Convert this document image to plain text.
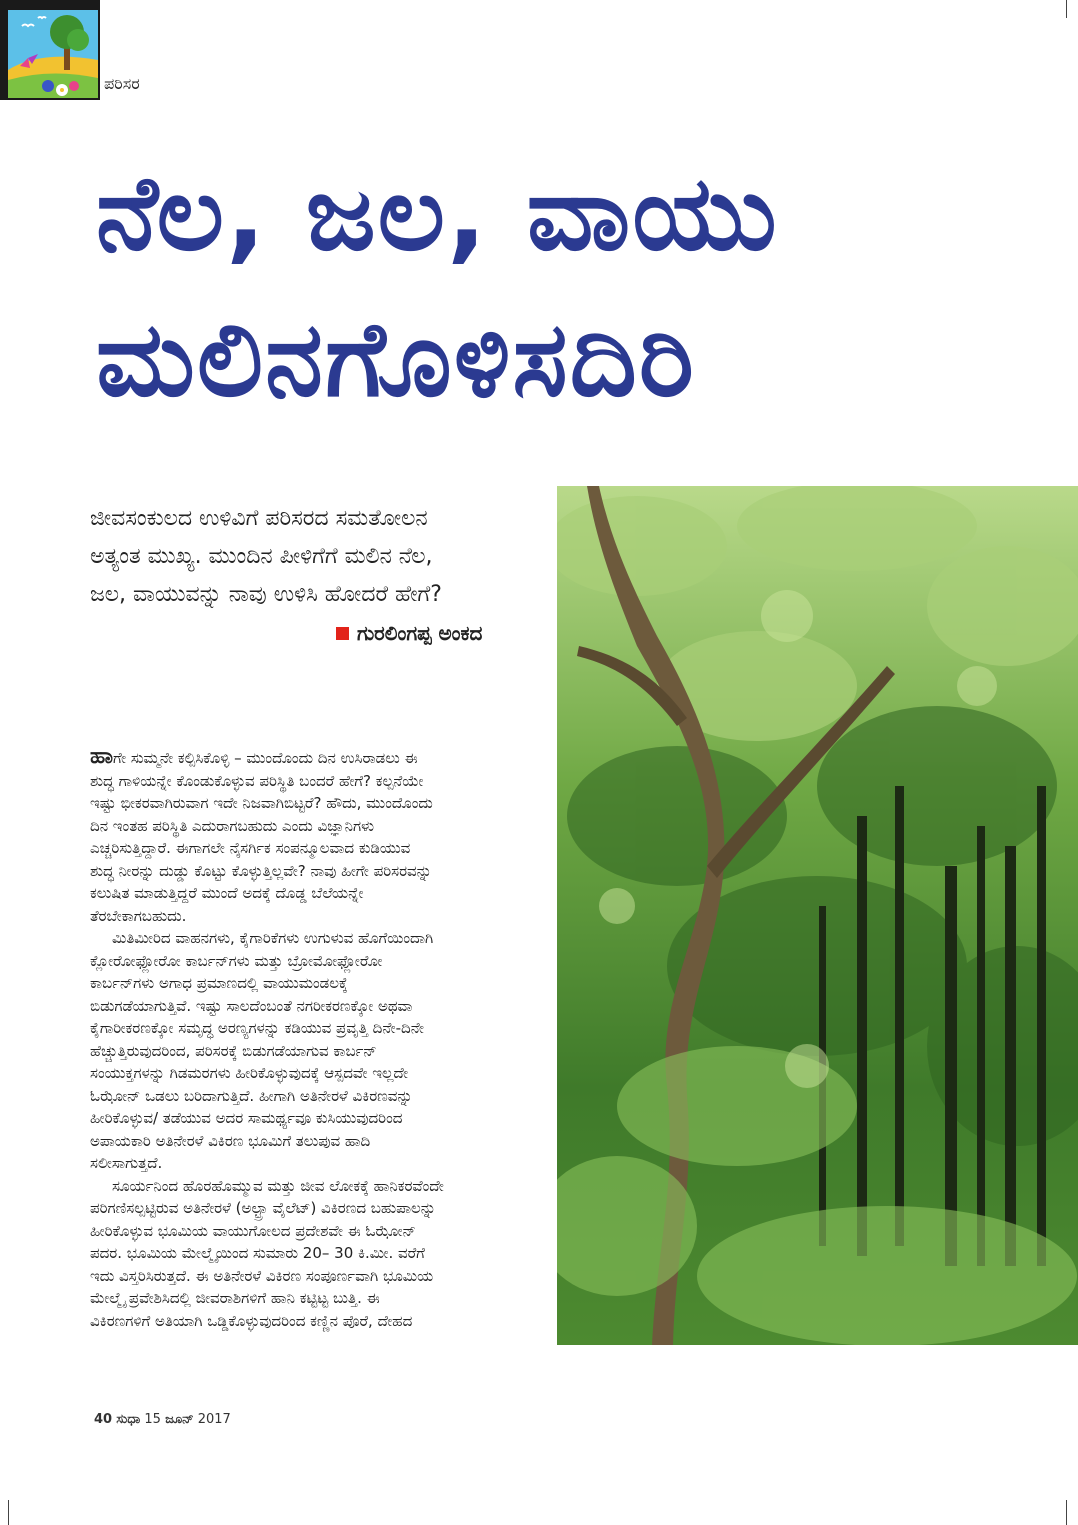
ಪರಿಸರ
ನೆಲ, ಜಲ, ವಾಯು
ಮಲಿನಗೊಳಿಸದಿರಿ
ಜೀವಸಂಕುಲದ ಉಳಿವಿಗೆ ಪರಿಸರದ ಸಮತೋಲನ
ಅತ್ಯಂತ ಮುಖ್ಯ. ಮುಂದಿನ ಪೀಳಿಗೆಗೆ ಮಲಿನ ನೆಲ,
ಜಲ, ವಾಯುವನ್ನು ನಾವು ಉಳಿಸಿ ಹೋದರೆ ಹೇಗೆ?
ಗುರಲಿಂಗಪ್ಪ ಅಂಕದ

ಹಾಗೇ ಸುಮ್ಮನೇ ಕಲ್ಪಿಸಿಕೊಳ್ಳಿ – ಮುಂದೊಂದು ದಿನ ಉಸಿರಾಡಲು ಈ
ಶುದ್ಧ ಗಾಳಿಯನ್ನೇ ಕೊಂಡುಕೊಳ್ಳುವ ಪರಿಸ್ಥಿತಿ ಬಂದರೆ ಹೇಗೆ? ಕಲ್ಪನೆಯೇ
ಇಷ್ಟು ಭೀಕರವಾಗಿರುವಾಗ ಇದೇ ನಿಜವಾಗಿಬಿಟ್ಟರೆ? ಹೌದು, ಮುಂದೊಂದು
ದಿನ ಇಂತಹ ಪರಿಸ್ಥಿತಿ ಎದುರಾಗಬಹುದು ಎಂದು ವಿಜ್ಞಾನಿಗಳು
ಎಚ್ಚರಿಸುತ್ತಿದ್ದಾರೆ. ಈಗಾಗಲೇ ನೈಸರ್ಗಿಕ ಸಂಪನ್ಮೂಲವಾದ ಕುಡಿಯುವ
ಶುದ್ಧ ನೀರನ್ನು ದುಡ್ಡು ಕೊಟ್ಟು ಕೊಳ್ಳುತ್ತಿಲ್ಲವೇ? ನಾವು ಹೀಗೇ ಪರಿಸರವನ್ನು
ಕಲುಷಿತ ಮಾಡುತ್ತಿದ್ದರೆ ಮುಂದೆ ಅದಕ್ಕೆ ದೊಡ್ಡ ಬೆಲೆಯನ್ನೇ
ತೆರಬೇಕಾಗಬಹುದು.

ಮಿತಿಮೀರಿದ ವಾಹನಗಳು, ಕೈಗಾರಿಕೆಗಳು ಉಗುಳುವ ಹೊಗೆಯಿಂದಾಗಿ
ಕ್ಲೋರೋಫ್ಲೋರೋ ಕಾರ್ಬನ್‌ಗಳು ಮತ್ತು ಬ್ರೋಮೋಫ್ಲೋರೋ
ಕಾರ್ಬನ್‌ಗಳು ಅಗಾಧ ಪ್ರಮಾಣದಲ್ಲಿ ವಾಯುಮಂಡಲಕ್ಕೆ
ಬಿಡುಗಡೆಯಾಗುತ್ತಿವೆ. ಇಷ್ಟು ಸಾಲದೆಂಬಂತೆ ನಗರೀಕರಣಕ್ಕೋ ಅಥವಾ
ಕೈಗಾರೀಕರಣಕ್ಕೋ ಸಮೃದ್ಧ ಅರಣ್ಯಗಳನ್ನು ಕಡಿಯುವ ಪ್ರವೃತ್ತಿ ದಿನೇ-ದಿನೇ
ಹೆಚ್ಚುತ್ತಿರುವುದರಿಂದ, ಪರಿಸರಕ್ಕೆ ಬಿಡುಗಡೆಯಾಗುವ ಕಾರ್ಬನ್
ಸಂಯುಕ್ತಗಳನ್ನು ಗಿಡಮರಗಳು ಹೀರಿಕೊಳ್ಳುವುದಕ್ಕೆ ಆಸ್ಪದವೇ ಇಲ್ಲದೇ
ಓಝೋನ್ ಒಡಲು ಬರಿದಾಗುತ್ತಿದೆ. ಹೀಗಾಗಿ ಅತಿನೇರಳೆ ವಿಕಿರಣವನ್ನು
ಹೀರಿಕೊಳ್ಳುವ/ ತಡೆಯುವ ಅದರ ಸಾಮರ್ಥ್ಯವೂ ಕುಸಿಯುವುದರಿಂದ
ಅಪಾಯಕಾರಿ ಅತಿನೇರಳೆ ವಿಕಿರಣ ಭೂಮಿಗೆ ತಲುಪುವ ಹಾದಿ
ಸಲೀಸಾಗುತ್ತದೆ.

ಸೂರ್ಯನಿಂದ ಹೊರಹೊಮ್ಮುವ ಮತ್ತು ಜೀವ ಲೋಕಕ್ಕೆ ಹಾನಿಕರವೆಂದೇ
ಪರಿಗಣಿಸಲ್ಪಟ್ಟಿರುವ ಅತಿನೇರಳೆ (ಅಲ್ಟ್ರಾ ವೈಲೆಟ್) ವಿಕಿರಣದ ಬಹುಪಾಲನ್ನು
ಹೀರಿಕೊಳ್ಳುವ ಭೂಮಿಯ ವಾಯುಗೋಲದ ಪ್ರದೇಶವೇ ಈ ಓಝೋನ್
ಪದರ. ಭೂಮಿಯ ಮೇಲ್ಮೈಯಿಂದ ಸುಮಾರು 20– 30 ಕಿ.ಮೀ. ವರೆಗೆ
ಇದು ವಿಸ್ತರಿಸಿರುತ್ತದೆ. ಈ ಅತಿನೇರಳೆ ವಿಕಿರಣ ಸಂಪೂರ್ಣವಾಗಿ ಭೂಮಿಯ
ಮೇಲ್ಮೈ ಪ್ರವೇಶಿಸಿದಲ್ಲಿ ಜೀವರಾಶಿಗಳಿಗೆ ಹಾನಿ ಕಟ್ಟಿಟ್ಟ ಬುತ್ತಿ. ಈ
ವಿಕಿರಣಗಳಿಗೆ ಅತಿಯಾಗಿ ಒಡ್ಡಿಕೊಳ್ಳುವುದರಿಂದ ಕಣ್ಣಿನ ಪೊರೆ, ದೇಹದ

40 ಸುಧಾ 15 ಜೂನ್ 2017
